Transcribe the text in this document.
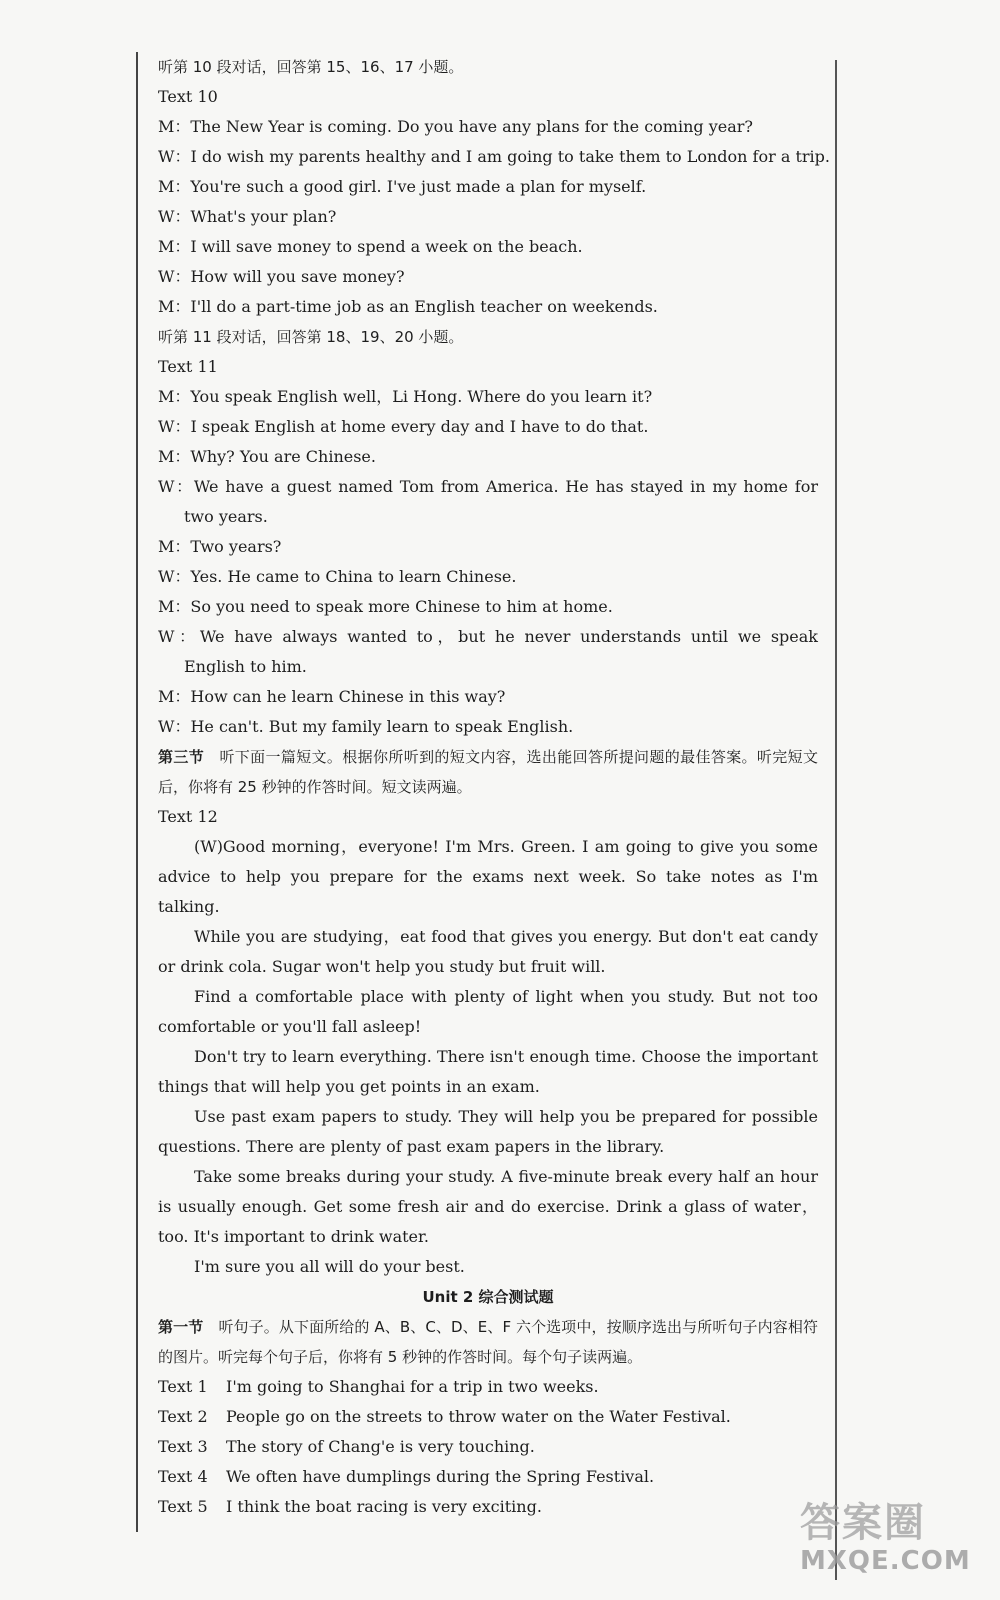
听第 10 段对话，回答第 15、16、17 小题。
Text 10
M：The New Year is coming. Do you have any plans for the coming year?
W：I do wish my parents healthy and I am going to take them to London for a trip.
M：You're such a good girl. I've just made a plan for myself.
W：What's your plan?
M：I will save money to spend a week on the beach.
W：How will you save money?
M：I'll do a part-time job as an English teacher on weekends.
听第 11 段对话，回答第 18、19、20 小题。
Text 11
M：You speak English well，Li Hong. Where do you learn it?
W：I speak English at home every day and I have to do that.
M：Why? You are Chinese.
W：We have a guest named Tom from America. He has stayed in my home for two years.
M：Two years?
W：Yes. He came to China to learn Chinese.
M：So you need to speak more Chinese to him at home.
W：We have always wanted to，but he never understands until we speak English to him.
M：How can he learn Chinese in this way?
W：He can't. But my family learn to speak English.
第三节　 听下面一篇短文。根据你所听到的短文内容，选出能回答所提问题的最佳答案。听完短文后，你将有 25 秒钟的作答时间。短文读两遍。
Text 12
(W)Good morning，everyone! I'm Mrs. Green. I am going to give you some advice to help you prepare for the exams next week. So take notes as I'm talking.
While you are studying，eat food that gives you energy. But don't eat candy or drink cola. Sugar won't help you study but fruit will.
Find a comfortable place with plenty of light when you study. But not too comfortable or you'll fall asleep!
Don't try to learn everything. There isn't enough time. Choose the important things that will help you get points in an exam.
Use past exam papers to study. They will help you be prepared for possible questions. There are plenty of past exam papers in the library.
Take some breaks during your study. A five-minute break every half an hour is usually enough. Get some fresh air and do exercise. Drink a glass of water，too. It's important to drink water.
I'm sure you all will do your best.
Unit 2 综合测试题
第一节　 听句子。从下面所给的 A、B、C、D、E、F 六个选项中，按顺序选出与所听句子内容相符的图片。听完每个句子后，你将有 5 秒钟的作答时间。每个句子读两遍。
Text 1 I'm going to Shanghai for a trip in two weeks.
Text 2 People go on the streets to throw water on the Water Festival.
Text 3 The story of Chang'e is very touching.
Text 4 We often have dumplings during the Spring Festival.
Text 5 I think the boat racing is very exciting.	答案圈
MXQE.COM
